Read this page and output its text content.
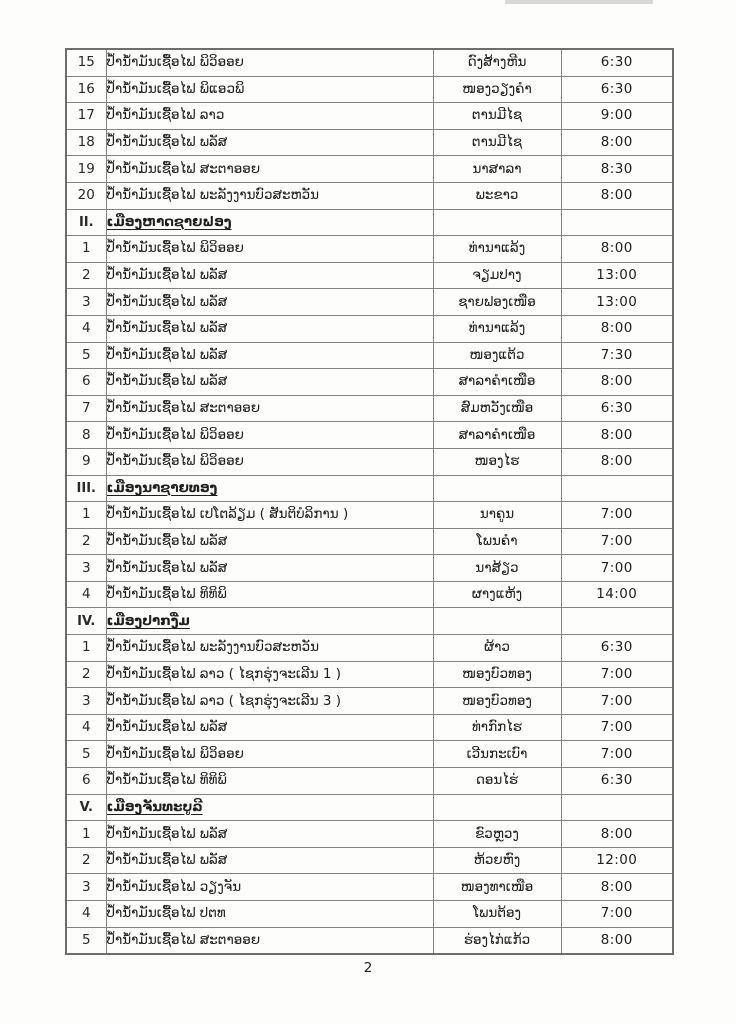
15	ປໍ້ານໍ້າມັນເຊື້ອໄຟ ພິວິອອຍ	ດົງສ້າງຫີນ	6:30
16	ປໍ້ານໍ້າມັນເຊື້ອໄຟ ພິແອວພິ	ໜອງວຽງຄຳ	6:30
17	ປໍ້ານໍ້າມັນເຊື້ອໄຟ ລາວ	ຕານມີໄຊ	9:00
18	ປໍ້ານໍ້າມັນເຊື້ອໄຟ ພລັສ	ຕານມີໄຊ	8:00
19	ປໍ້ານໍ້າມັນເຊື້ອໄຟ ສະຕາອອຍ	ນາສາລາ	8:30
20	ປໍ້ານໍ້າມັນເຊື້ອໄຟ ພະລັງງານບົວສະຫວັນ	ພະຂາວ	8:00
II.	ເມືອງຫາດຊາຍຟອງ		
1	ປໍ້ານໍ້າມັນເຊື້ອໄຟ ພິວິອອຍ	ທ່ານາແລ້ງ	8:00
2	ປໍ້ານໍ້າມັນເຊື້ອໄຟ ພລັສ	ຈຽມປາງ	13:00
3	ປໍ້ານໍ້າມັນເຊື້ອໄຟ ພລັສ	ຊາຍຟອງເໜືອ	13:00
4	ປໍ້ານໍ້າມັນເຊື້ອໄຟ ພລັສ	ທ່ານາແລ້ງ	8:00
5	ປໍ້ານໍ້າມັນເຊື້ອໄຟ ພລັສ	ໜອງແຕ້ວ	7:30
6	ປໍ້ານໍ້າມັນເຊື້ອໄຟ ພລັສ	ສາລາຄຳເໜືອ	8:00
7	ປໍ້ານໍ້າມັນເຊື້ອໄຟ ສະຕາອອຍ	ສົມຫວັງເໜືອ	6:30
8	ປໍ້ານໍ້າມັນເຊື້ອໄຟ ພິວິອອຍ	ສາລາຄຳເໜືອ	8:00
9	ປໍ້ານໍ້າມັນເຊື້ອໄຟ ພິວິອອຍ	ໜອງໄຮ	8:00
III.	ເມືອງນາຊາຍທອງ		
1	ປໍ້ານໍ້າມັນເຊື້ອໄຟ ເປໂຕລ້ຽມ ( ສັນຕິບໍລິການ )	ນາຄູນ	7:00
2	ປໍ້ານໍ້າມັນເຊື້ອໄຟ ພລັສ	ໂພນຄຳ	7:00
3	ປໍ້ານໍ້າມັນເຊື້ອໄຟ ພລັສ	ນາສ້ຽວ	7:00
4	ປໍ້ານໍ້າມັນເຊື້ອໄຟ ທິທິພິ	ຜາງແຫ້ງ	14:00
IV.	ເມືອງປາກງື່ມ		
1	ປໍ້ານໍ້າມັນເຊື້ອໄຟ ພະລັງງານບົວສະຫວັນ	ຜ້າວ	6:30
2	ປໍ້ານໍ້າມັນເຊື້ອໄຟ ລາວ ( ໄຊກຮຸ່ງຈະເລີນ 1 )	ໜອງບົວທອງ	7:00
3	ປໍ້ານໍ້າມັນເຊື້ອໄຟ ລາວ ( ໄຊກຮຸ່ງຈະເລີນ 3 )	ໜອງບົວທອງ	7:00
4	ປໍ້ານໍ້າມັນເຊື້ອໄຟ ພລັສ	ທ່າກົກໄຮ	7:00
5	ປໍ້ານໍ້າມັນເຊື້ອໄຟ ພິວິອອຍ	ເວີນກະເບົາ	7:00
6	ປໍ້ານໍ້າມັນເຊື້ອໄຟ ທິທິພິ	ດອນໄຮ່	6:30
V.	ເມືອງຈັນທະບູລີ		
1	ປໍ້ານໍ້າມັນເຊື້ອໄຟ ພລັສ	ຂົວຫຼວງ	8:00
2	ປໍ້ານໍ້າມັນເຊື້ອໄຟ ພລັສ	ຫ້ວຍຫົງ	12:00
3	ປໍ້ານໍ້າມັນເຊື້ອໄຟ ວຽງຈັນ	ໜອງທາເໜືອ	8:00
4	ປໍ້ານໍ້າມັນເຊື້ອໄຟ ປຕທ	ໂພນຕ້ອງ	7:00
5	ປໍ້ານໍ້າມັນເຊື້ອໄຟ ສະຕາອອຍ	ຮ່ອງໄກ່ແກ້ວ	8:00
2
